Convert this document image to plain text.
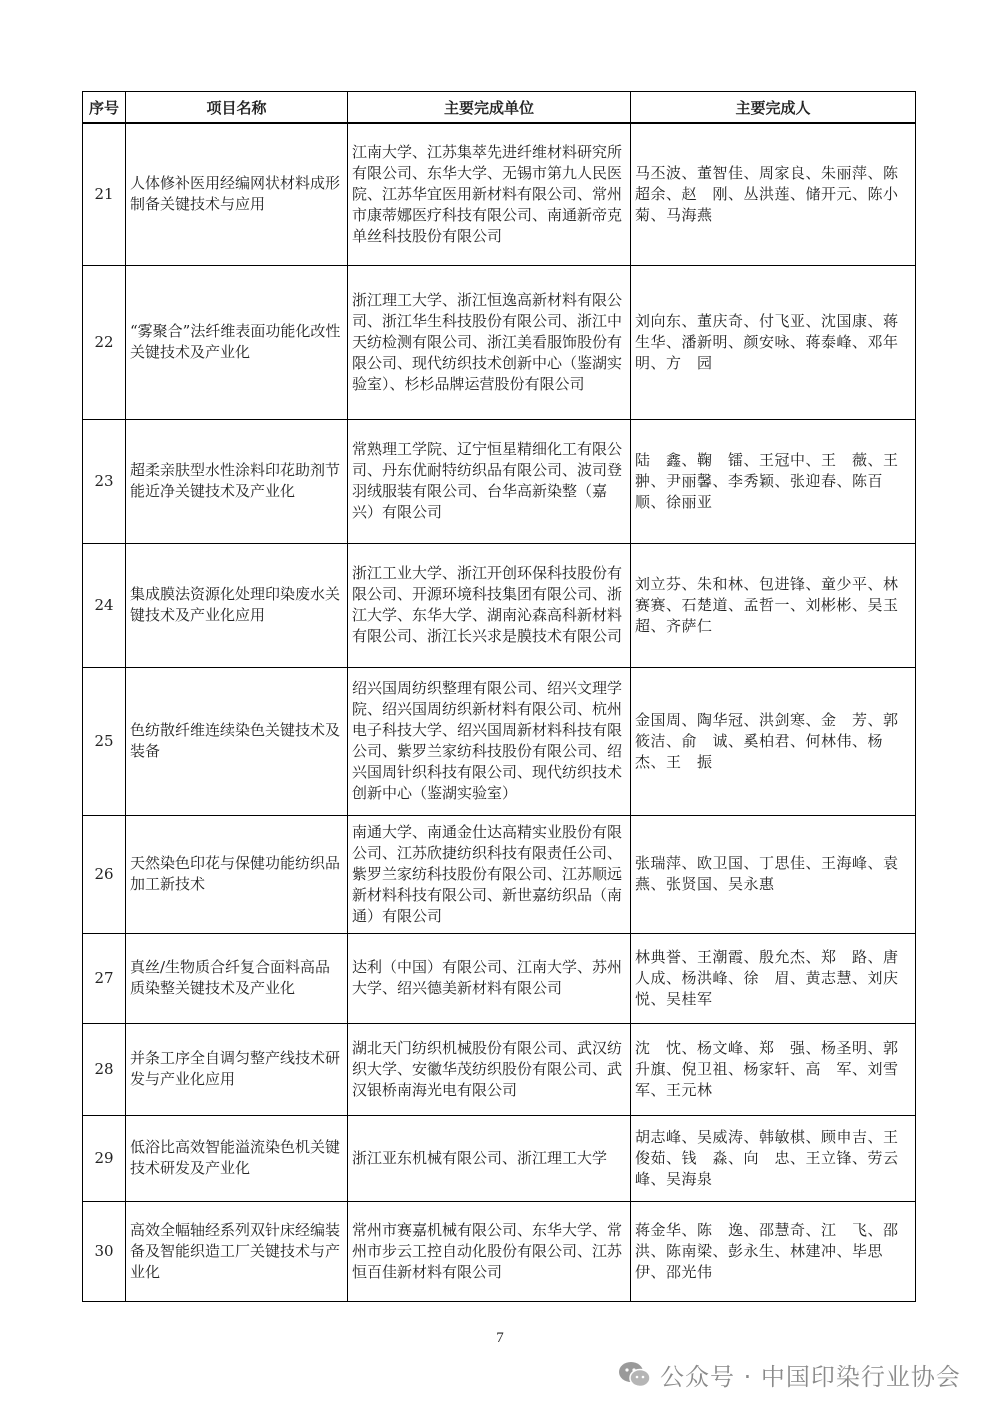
序号	项目名称	主要完成单位	主要完成人
21	人体修补医用经编网状材料成形制备关键技术与应用	江南大学、江苏集萃先进纤维材料研究所有限公司、东华大学、无锡市第九人民医院、江苏华宜医用新材料有限公司、常州市康蒂娜医疗科技有限公司、南通新帝克单丝科技股份有限公司	马丕波、董智佳、周家良、朱丽萍、陈超余、赵　刚、丛洪莲、储开元、陈小菊、马海燕
22	“雾聚合”法纤维表面功能化改性关键技术及产业化	浙江理工大学、浙江恒逸高新材料有限公司、浙江华生科技股份有限公司、浙江中天纺检测有限公司、浙江美看服饰股份有限公司、现代纺织技术创新中心（鉴湖实验室）、杉杉品牌运营股份有限公司	刘向东、董庆奇、付飞亚、沈国康、蒋生华、潘新明、颜安咏、蒋泰峰、邓年明、方　园
23	超柔亲肤型水性涂料印花助剂节能近净关键技术及产业化	常熟理工学院、辽宁恒星精细化工有限公司、丹东优耐特纺织品有限公司、波司登羽绒服装有限公司、台华高新染整（嘉兴）有限公司	陆　鑫、鞠　镭、王冠中、王　薇、王　翀、尹丽馨、李秀颖、张迎春、陈百顺、徐丽亚
24	集成膜法资源化处理印染废水关键技术及产业化应用	浙江工业大学、浙江开创环保科技股份有限公司、开源环境科技集团有限公司、浙江大学、东华大学、湖南沁森高科新材料有限公司、浙江长兴求是膜技术有限公司	刘立芬、朱和林、包进锋、童少平、林赛赛、石楚道、孟哲一、刘彬彬、吴玉超、齐萨仁
25	色纺散纤维连续染色关键技术及装备	绍兴国周纺织整理有限公司、绍兴文理学院、绍兴国周纺织新材料有限公司、杭州电子科技大学、绍兴国周新材料科技有限公司、紫罗兰家纺科技股份有限公司、绍兴国周针织科技有限公司、现代纺织技术创新中心（鉴湖实验室）	金国周、陶华冠、洪剑寒、金　芳、郭筱洁、俞　诚、奚柏君、何林伟、杨　杰、王　振
26	天然染色印花与保健功能纺织品加工新技术	南通大学、南通金仕达高精实业股份有限公司、江苏欣捷纺织科技有限责任公司、紫罗兰家纺科技股份有限公司、江苏顺远新材料科技有限公司、新世嘉纺织品（南通）有限公司	张瑞萍、欧卫国、丁思佳、王海峰、袁　燕、张贤国、吴永惠
27	真丝/生物质合纤复合面料高品质染整关键技术及产业化	达利（中国）有限公司、江南大学、苏州大学、绍兴德美新材料有限公司	林典誉、王潮霞、殷允杰、郑　路、唐人成、杨洪峰、徐　眉、黄志慧、刘庆悦、吴桂军
28	并条工序全自调匀整产线技术研发与产业化应用	湖北天门纺织机械股份有限公司、武汉纺织大学、安徽华茂纺织股份有限公司、武汉银桥南海光电有限公司	沈　忱、杨文峰、郑　强、杨圣明、郭升旗、倪卫祖、杨家轩、高　军、刘雪军、王元林
29	低浴比高效智能溢流染色机关键技术研发及产业化	浙江亚东机械有限公司、浙江理工大学	胡志峰、吴威涛、韩敏棋、顾申吉、王俊茹、钱　淼、向　忠、王立锋、劳云峰、吴海泉
30	高效全幅轴经系列双针床经编装备及智能织造工厂关键技术与产业化	常州市赛嘉机械有限公司、东华大学、常州市步云工控自动化股份有限公司、江苏恒百佳新材料有限公司	蒋金华、陈　逸、邵慧奇、江　飞、邵　洪、陈南梁、彭永生、林建冲、毕思伊、邵光伟
7
公众号 · 中国印染行业协会
